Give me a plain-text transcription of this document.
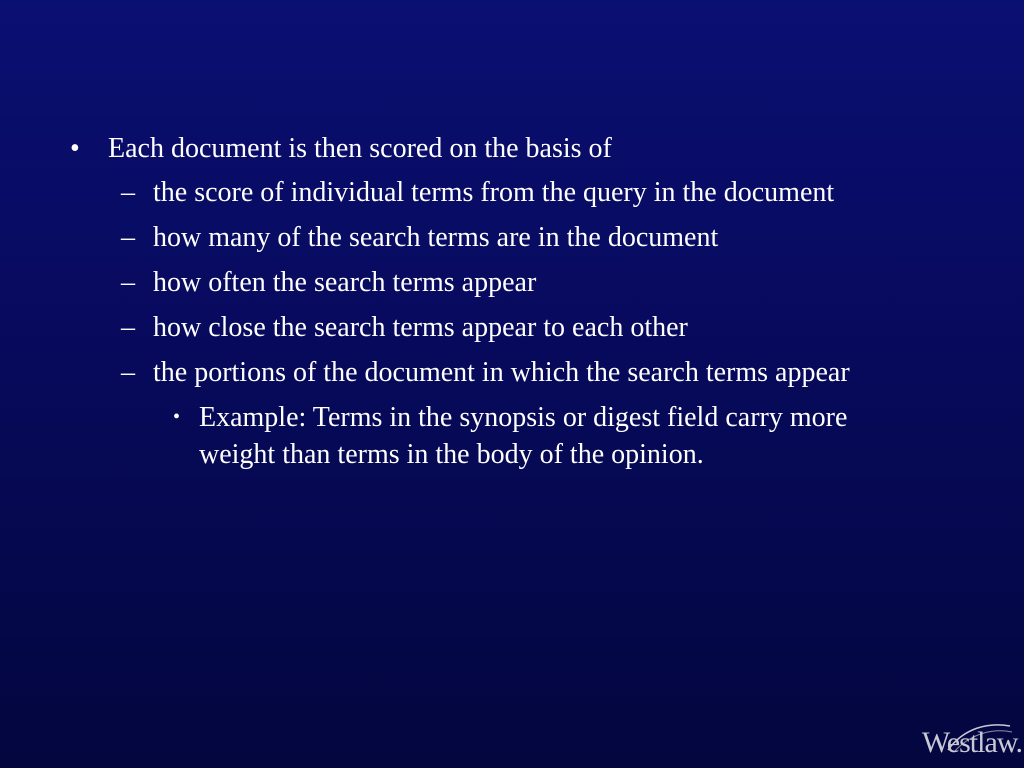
• Each document is then scored on the basis of
– the score of individual terms from the query in the document
– how many of the search terms are in the document
– how often the search terms appear
– how close the search terms appear to each other
– the portions of the document in which the search terms appear
• Example: Terms in the synopsis or digest field carry more weight than terms in the body of the opinion.
Westlaw.
